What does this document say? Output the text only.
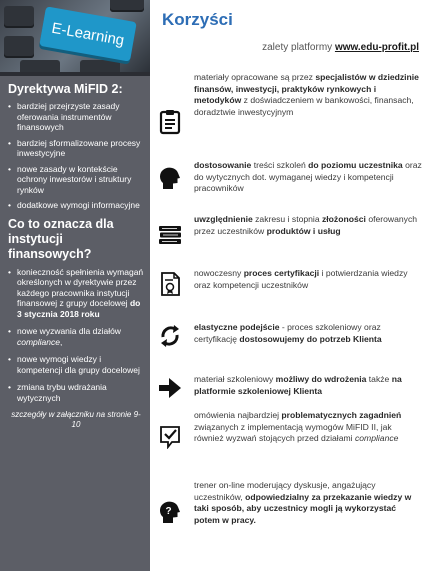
E-Learning
Dyrektywa MiFID 2:
• bardziej przejrzyste zasady oferowania instrumentów finansowych
• bardziej sformalizowane procesy inwestycyjne
• nowe zasady w kontekście ochrony inwestorów i struktury rynków
• dodatkowe wymogi informacyjne
Co to oznacza dla instytucji finansowych?
• konieczność spełnienia wymagań określonych w dyrektywie przez każdego pracownika instytucji finansowej z grupy docelowej do 3 stycznia 2018 roku
• nowe wyzwania dla działów compliance,
• nowe wymogi wiedzy i kompetencji dla grupy docelowej
• zmiana trybu wdrażania wytycznych
szczegóły w załączniku na stronie 9-10
Korzyści
zalety platformy www.edu-profit.pl
materiały opracowane są przez specjalistów w dziedzinie finansów, inwestycji, praktyków rynkowych i metodyków z doświadczeniem w bankowości, finansach, doradztwie inwestycyjnym
dostosowanie treści szkoleń do poziomu uczestnika oraz do wytycznych dot. wymaganej wiedzy i kompetencji pracowników
uwzględnienie zakresu i stopnia złożoności oferowanych przez uczestników produktów i usług
nowoczesny proces certyfikacji i potwierdzania wiedzy oraz kompetencji uczestników
elastyczne podejście - proces szkoleniowy oraz certyfikację dostosowujemy do potrzeb Klienta
materiał szkoleniowy możliwy do wdrożenia także na platformie szkoleniowej Klienta
omówienia najbardziej problematycznych zagadnień związanych z implementacją wymogów MiFID II, jak również wyzwań stojących przed działami compliance
?
trener on-line moderujący dyskusje, angażujący uczestników, odpowiedzialny za przekazanie wiedzy w taki sposób, aby uczestnicy mogli ją wykorzystać potem w pracy.
